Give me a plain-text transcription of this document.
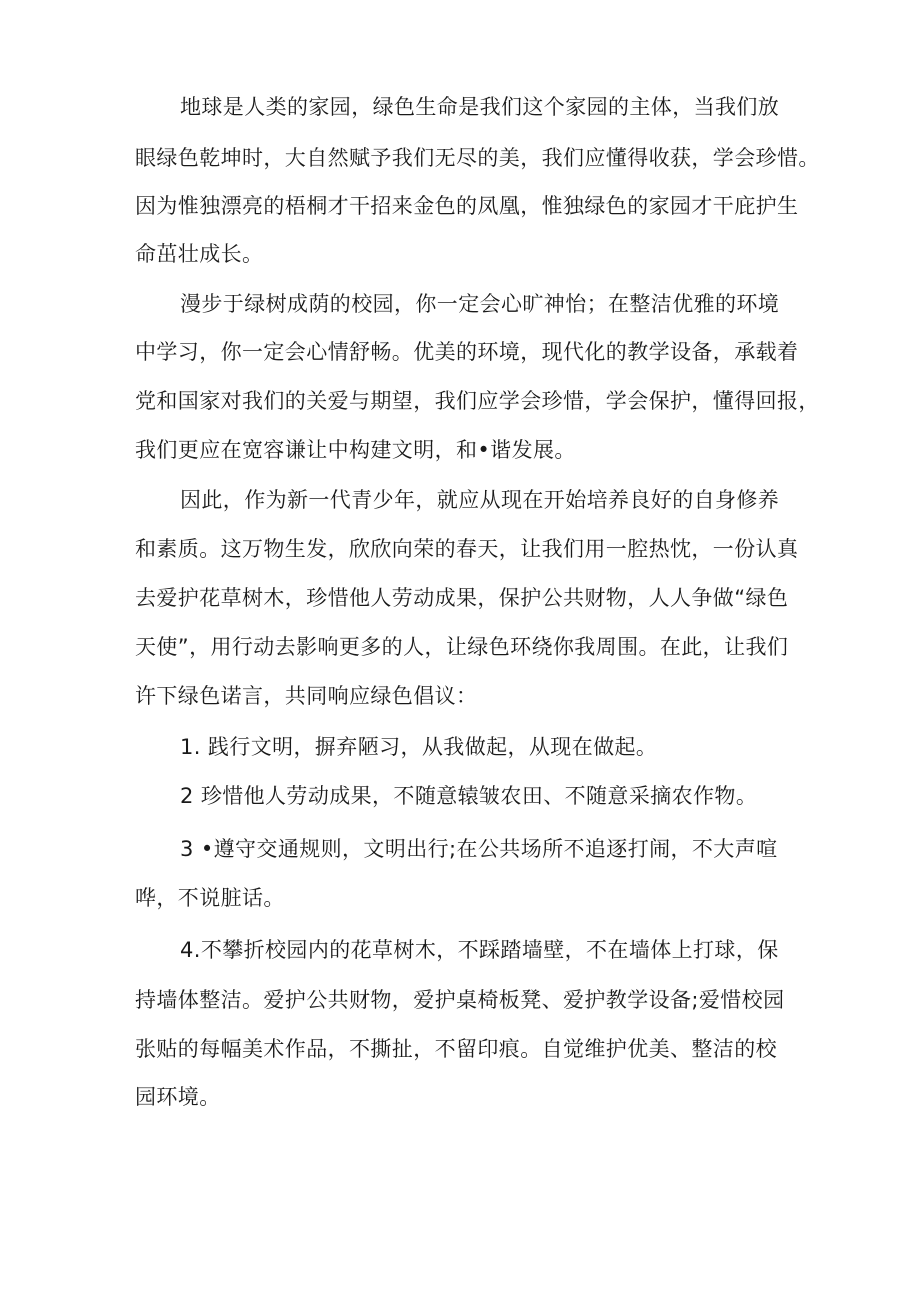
地球是人类的家园，绿色生命是我们这个家园的主体，当我们放
眼绿色乾坤时，大自然赋予我们无尽的美，我们应懂得收获，学会珍惜。
因为惟独漂亮的梧桐才干招来金色的凤凰，惟独绿色的家园才干庇护生
命茁壮成长。
漫步于绿树成荫的校园，你一定会心旷神怡；在整洁优雅的环境
中学习，你一定会心情舒畅。优美的环境，现代化的教学设备，承载着
党和国家对我们的关爱与期望，我们应学会珍惜，学会保护，懂得回报，
我们更应在宽容谦让中构建文明，和•谐发展。
因此，作为新一代青少年，就应从现在开始培养良好的自身修养
和素质。这万物生发，欣欣向荣的春天，让我们用一腔热忱，一份认真
去爱护花草树木，珍惜他人劳动成果，保护公共财物，人人争做“绿色
天使”，用行动去影响更多的人，让绿色环绕你我周围。在此，让我们
许下绿色诺言，共同响应绿色倡议：
1. 践行文明，摒弃陋习，从我做起，从现在做起。
2 珍惜他人劳动成果，不随意辕皱农田、不随意采摘农作物。
3 •遵守交通规则，文明出行;在公共场所不追逐打闹，不大声喧
哗，不说脏话。
4.不攀折校园内的花草树木，不踩踏墙壁，不在墙体上打球，保
持墙体整洁。爱护公共财物，爱护桌椅板凳、爱护教学设备;爱惜校园
张贴的每幅美术作品，不撕扯，不留印痕。自觉维护优美、整洁的校
园环境。
